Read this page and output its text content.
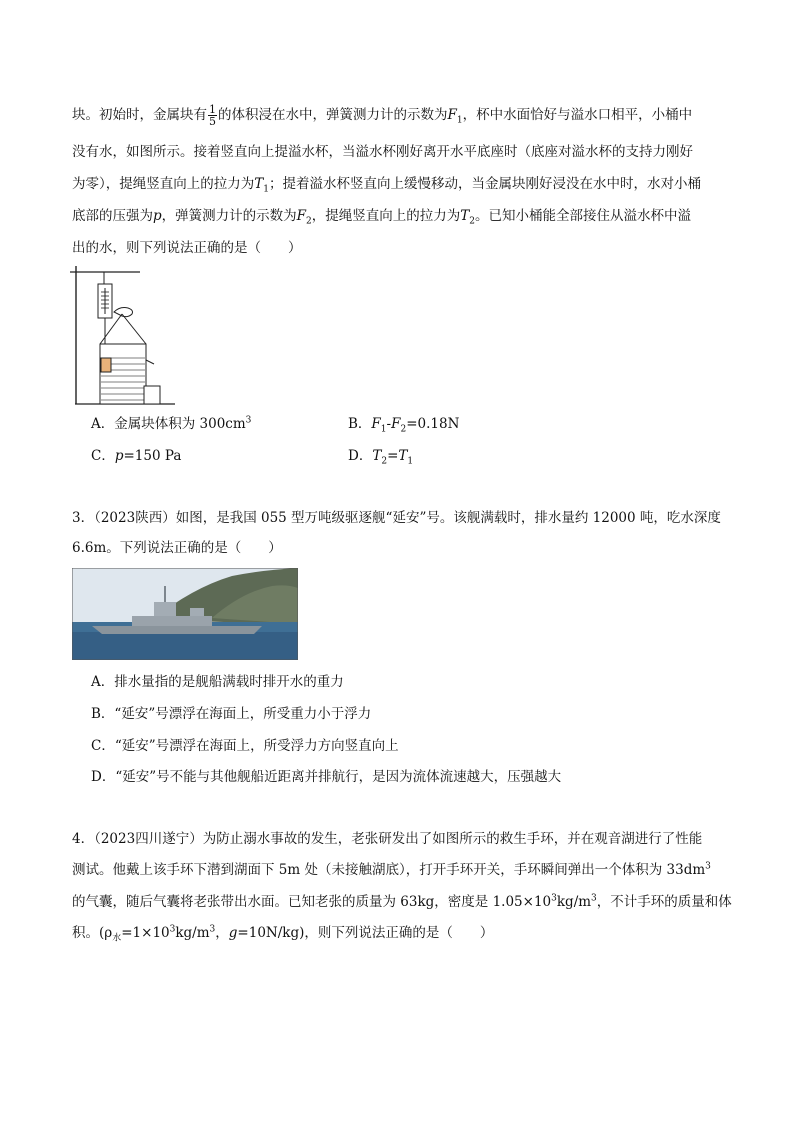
块。初始时，金属块有 $\frac{1}{5}$ 的体积浸在水中，弹簧测力计的示数为$F_1$，杯中水面恰好与溢水口相平，小桶中
没有水，如图所示。接着竖直向上提溢水杯，当溢水杯刚好离开水平底座时（底座对溢水杯的支持力刚好
为零），提绳竖直向上的拉力为$T_1$；提着溢水杯竖直向上缓慢移动，当金属块刚好浸没在水中时，水对小桶
底部的压强为p，弹簧测力计的示数为$F_2$，提绳竖直向上的拉力为$T_2$。已知小桶能全部接住从溢水杯中溢
出的水，则下列说法正确的是（　　）
A．金属块体积为 $300cm^3$	B．$F_1-F_2=0.18N$
C．p=150 Pa	D．$T_2=T_1$
3．（2023陕西）如图，是我国 055 型万吨级驱逐舰“延安”号。该舰满载时，排水量约 12000 吨，吃水深度
6.6m。下列说法正确的是（　　）
A．排水量指的是舰船满载时排开水的重力
B．“延安”号漂浮在海面上，所受重力小于浮力
C．“延安”号漂浮在海面上，所受浮力方向竖直向上
D．“延安”号不能与其他舰船近距离并排航行，是因为流体流速越大，压强越大
4．（2023四川遂宁）为防止溺水事故的发生，老张研发出了如图所示的救生手环，并在观音湖进行了性能
测试。他戴上该手环下潜到湖面下 5m 处（未接触湖底），打开手环开关，手环瞬间弹出一个体积为 $33dm^3$
的气囊，随后气囊将老张带出水面。已知老张的质量为 63kg，密度是 $1.05\times 10^3kg/m^3$，不计手环的质量和体
积。($\rho_水=1\times 10^3kg/m^3$，g=10N/kg)，则下列说法正确的是（　　）
